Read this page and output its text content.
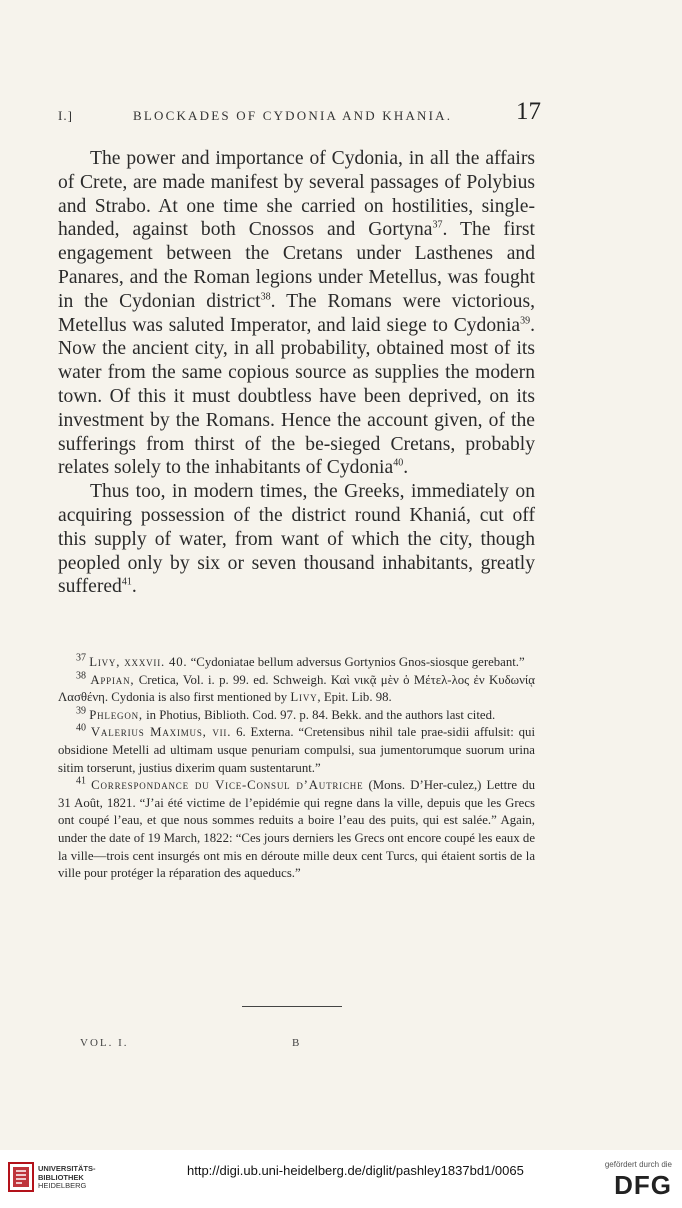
I.]	BLOCKADES OF CYDONIA AND KHANIA.	17

The power and importance of Cydonia, in all the affairs of Crete, are made manifest by several passages of Polybius and Strabo. At one time she carried on hostilities, single-handed, against both Cnossos and Gortyna$^{37}$. The first engagement between the Cretans under Lasthenes and Panares, and the Roman legions under Metellus, was fought in the Cydonian district$^{38}$. The Romans were victorious, Metellus was saluted Imperator, and laid siege to Cydonia$^{39}$. Now the ancient city, in all probability, obtained most of its water from the same copious source as supplies the modern town. Of this it must doubtless have been deprived, on its investment by the Romans. Hence the account given, of the sufferings from thirst of the be-sieged Cretans, probably relates solely to the inhabitants of Cydonia$^{40}$.

Thus too, in modern times, the Greeks, immediately on acquiring possession of the district round Khaniá, cut off this supply of water, from want of which the city, though peopled only by six or seven thousand inhabitants, greatly suffered$^{41}$.

$^{37}$ Livy, xxxvii. 40. “Cydoniatae bellum adversus Gortynios Gnos-siosque gerebant.”

$^{38}$ Appian, Cretica, Vol. i. p. 99. ed. Schweigh. Καὶ νικᾷ μὲν ὁ Μέτελ-λος ἐν Κυδωνίᾳ Λασθένη. Cydonia is also first mentioned by Livy, Epit. Lib. 98.

$^{39}$ Phlegon, in Photius, Biblioth. Cod. 97. p. 84. Bekk. and the authors last cited.

$^{40}$ Valerius Maximus, vii. 6. Externa. “Cretensibus nihil tale prae-sidii affulsit: qui obsidione Metelli ad ultimam usque penuriam compulsi, sua jumentorumque suorum urina sitim torserunt, justius dixerim quam sustentarunt.”

$^{41}$ Correspondance du Vice-Consul d’Autriche (Mons. D’Her-culez,) Lettre du 31 Août, 1821. “J’ai été victime de l’epidémie qui regne dans la ville, depuis que les Grecs ont coupé l’eau, et que nous sommes reduits a boire l’eau des puits, qui est salée.” Again, under the date of 19 March, 1822: “Ces jours derniers les Grecs ont encore coupé les eaux de la ville—trois cent insurgés ont mis en déroute mille deux cent Turcs, qui étaient sortis de la ville pour protéger la réparation des aqueducs.”

VOL. I.	B
UNIVERSITÄTS-
BIBLIOTHEK
HEIDELBERG
http://digi.ub.uni-heidelberg.de/diglit/pashley1837bd1/0065	gefördert durch die
DFG
